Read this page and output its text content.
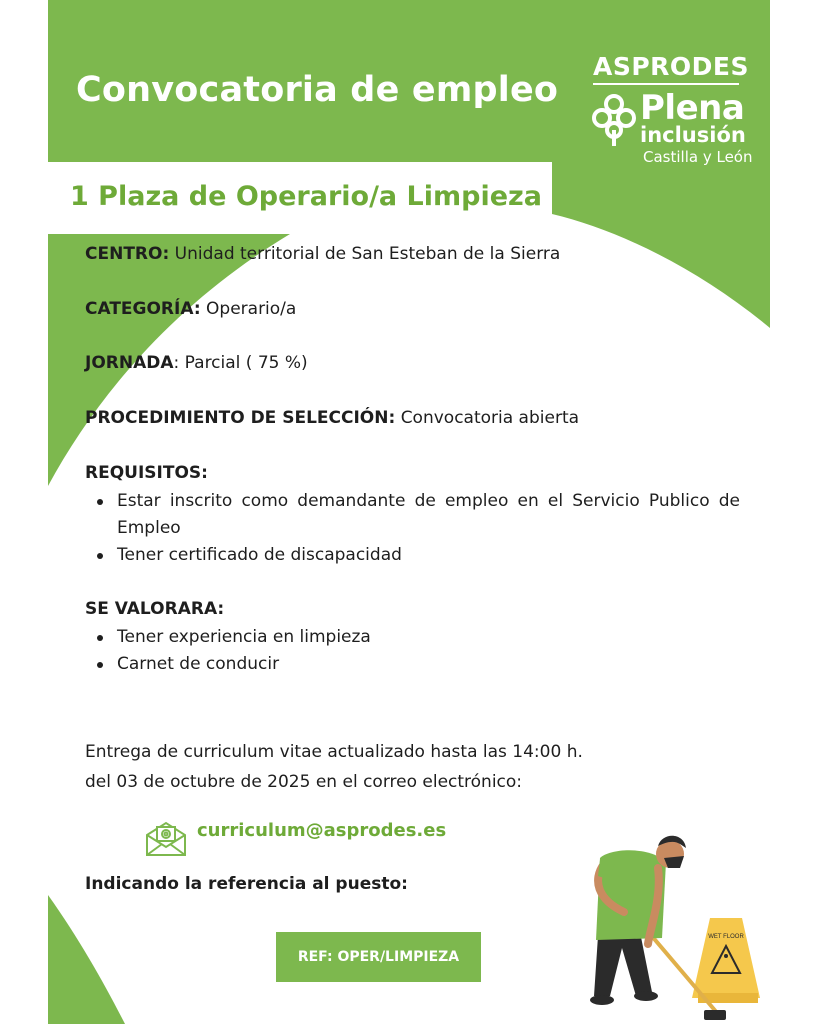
Convocatoria de empleo
ASPRODES
Plena
inclusión
Castilla y León
1 Plaza de Operario/a Limpieza
CENTRO: Unidad territorial de San Esteban de la Sierra
CATEGORÍA: Operario/a
JORNADA: Parcial ( 75 %)
PROCEDIMIENTO DE SELECCIÓN: Convocatoria abierta
REQUISITOS:
Estar inscrito como demandante de empleo en el Servicio Publico de Empleo
Tener certificado de discapacidad
SE VALORARA:
Tener experiencia en limpieza
Carnet de conducir
Entrega de curriculum vitae actualizado hasta las 14:00 h.
del 03 de octubre de 2025 en el correo electrónico:
curriculum@asprodes.es
Indicando la referencia al puesto:
REF: OPER/LIMPIEZA
WET FLOOR
